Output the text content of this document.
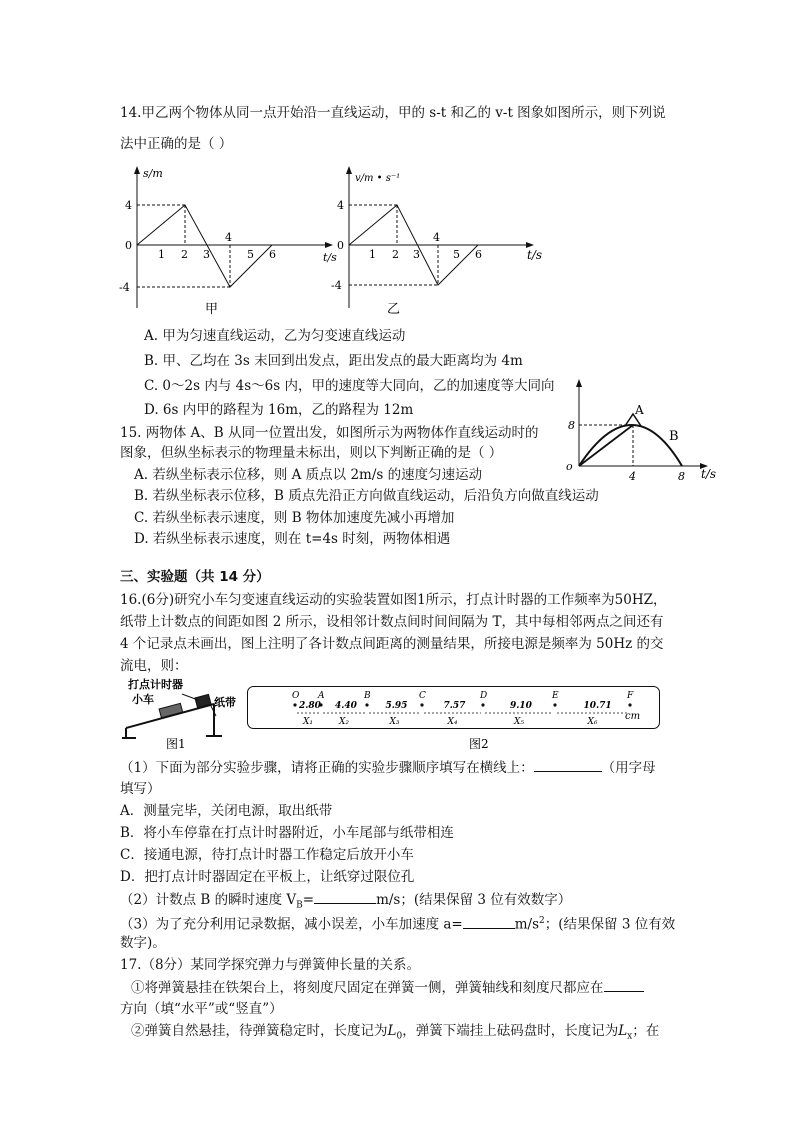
14.甲乙两个物体从同一点开始沿一直线运动，甲的 s-t 和乙的 v-t 图象如图所示，则下列说
法中正确的是（ ）
s/m
4
0
-4
1 2 3
4
5 6	t/s
甲
v/m • s⁻¹
4
0
-4
1 2 3
4
5 6	t/s
乙
A. 甲为匀速直线运动，乙为匀变速直线运动
B. 甲、乙均在 3s 末回到出发点，距出发点的最大距离均为 4m
C. 0～2s 内与 4s～6s 内，甲的速度等大同向，乙的加速度等大同向
D. 6s 内甲的路程为 16m，乙的路程为 12m
o
8
4	8 t/s
A
B
15. 两物体 A、B 从同一位置出发，如图所示为两物体作直线运动时的
图象，但纵坐标表示的物理量未标出，则以下判断正确的是（ ）
A. 若纵坐标表示位移，则 A 质点以 2m/s 的速度匀速运动
B. 若纵坐标表示位移，B 质点先沿正方向做直线运动，后沿负方向做直线运动
C. 若纵坐标表示速度，则 B 物体加速度先减小再增加
D. 若纵坐标表示速度，则在 t=4s 时刻，两物体相遇
三、实验题（共 14 分）
16.(6分)研究小车匀变速直线运动的实验装置如图1所示，打点计时器的工作频率为50HZ，
纸带上计数点的间距如图 2 所示，设相邻计数点间时间间隔为 T，其中每相邻两点之间还有
4 个记录点未画出，图上注明了各计数点间距离的测量结果，所接电源是频率为 50Hz 的交
流电，则：
打点计时器
小车	纸带
图1
cm
图2
O A	B	C	D	E	F
2.80
X₁
4.40
X₂
5.95
X₃
7.57
X₄
9.10
X₅
10.71
X₆
（1）下面为部分实验步骤，请将正确的实验步骤顺序填写在横线上：	（用字母
填写）
A．测量完毕，关闭电源，取出纸带
B．将小车停靠在打点计时器附近，小车尾部与纸带相连
C．接通电源，待打点计时器工作稳定后放开小车
D．把打点计时器固定在平板上，让纸穿过限位孔
（2）计数点 B 的瞬时速度 $V_B=$	m/s；(结果保留 3 位有效数字）
（3）为了充分利用记录数据，减小误差，小车加速度 a=	$m/s^2$；(结果保留 3 位有效
数字)。
17.（8分）某同学探究弹力与弹簧伸长量的关系。
①将弹簧悬挂在铁架台上，将刻度尺固定在弹簧一侧，弹簧轴线和刻度尺都应在
方向（填“水平”或“竖直”）
②弹簧自然悬挂，待弹簧稳定时，长度记为$L_0$，弹簧下端挂上砝码盘时，长度记为$L_x$；在
